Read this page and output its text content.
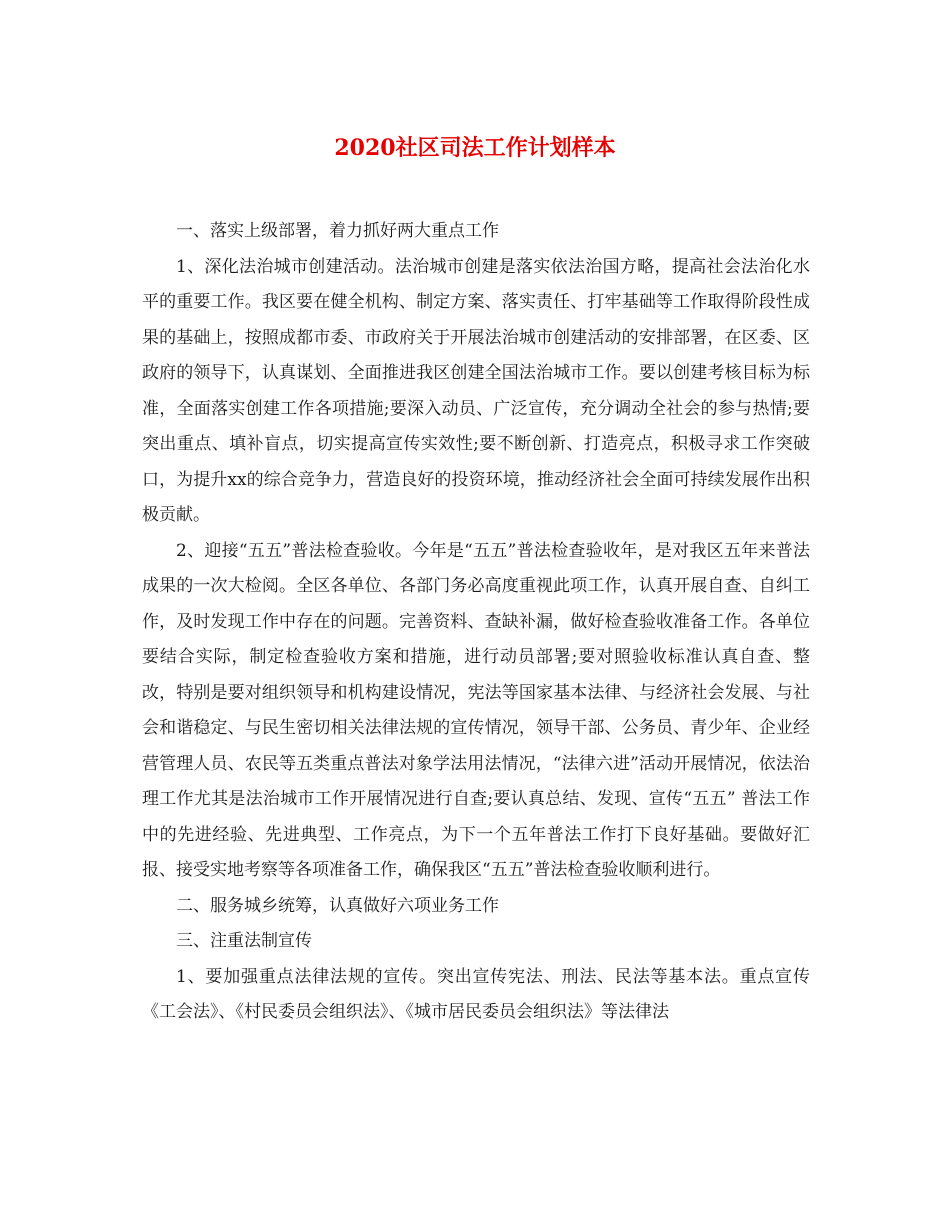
2020社区司法工作计划样本

一、落实上级部署，着力抓好两大重点工作

1、深化法治城市创建活动。法治城市创建是落实依法治国方略，提高社会法治化水平的重要工作。我区要在健全机构、制定方案、落实责任、打牢基础等工作取得阶段性成果的基础上，按照成都市委、市政府关于开展法治城市创建活动的安排部署，在区委、区政府的领导下，认真谋划、全面推进我区创建全国法治城市工作。要以创建考核目标为标准，全面落实创建工作各项措施;要深入动员、广泛宣传，充分调动全社会的参与热情;要突出重点、填补盲点，切实提高宣传实效性;要不断创新、打造亮点，积极寻求工作突破口，为提升xx的综合竞争力，营造良好的投资环境，推动经济社会全面可持续发展作出积极贡献。

2、迎接“五五”普法检查验收。今年是“五五”普法检查验收年，是对我区五年来普法成果的一次大检阅。全区各单位、各部门务必高度重视此项工作，认真开展自查、自纠工作，及时发现工作中存在的问题。完善资料、查缺补漏，做好检查验收准备工作。各单位要结合实际，制定检查验收方案和措施，进行动员部署;要对照验收标准认真自查、整改，特别是要对组织领导和机构建设情况，宪法等国家基本法律、与经济社会发展、与社会和谐稳定、与民生密切相关法律法规的宣传情况，领导干部、公务员、青少年、企业经营管理人员、农民等五类重点普法对象学法用法情况，“法律六进”活动开展情况，依法治理工作尤其是法治城市工作开展情况进行自查;要认真总结、发现、宣传“五五” 普法工作中的先进经验、先进典型、工作亮点，为下一个五年普法工作打下良好基础。要做好汇报、接受实地考察等各项准备工作，确保我区“五五”普法检查验收顺利进行。

二、服务城乡统筹，认真做好六项业务工作

三、注重法制宣传

1、要加强重点法律法规的宣传。突出宣传宪法、刑法、民法等基本法。重点宣传《工会法》、《村民委员会组织法》、《城市居民委员会组织法》等法律法
